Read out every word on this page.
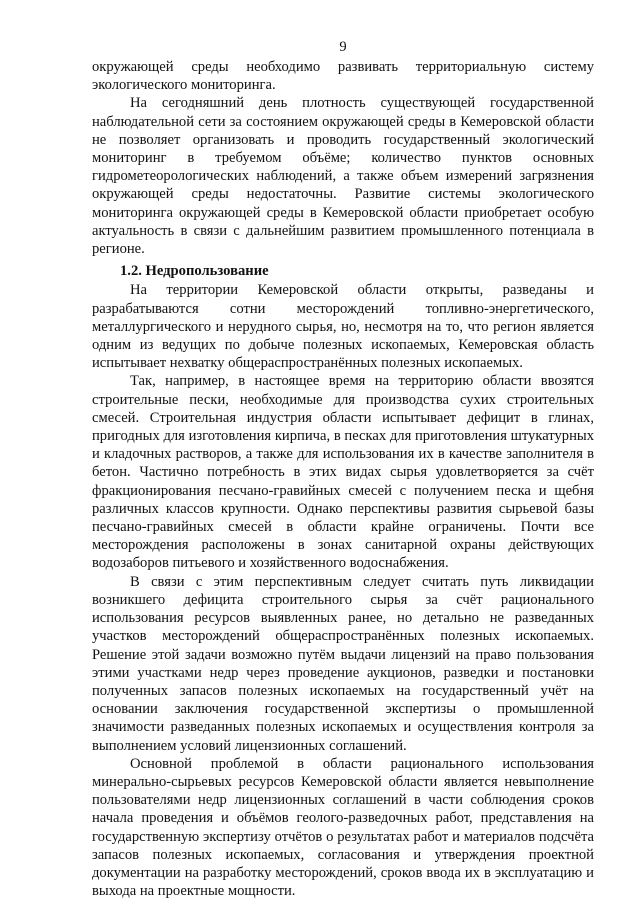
9

окружающей среды необходимо развивать территориальную систему экологического мониторинга.

На сегодняшний день плотность существующей государственной наблюдательной сети за состоянием окружающей среды в Кемеровской области не позволяет организовать и проводить государственный экологический мониторинг в требуемом объёме; количество пунктов основных гидрометеорологических наблюдений, а также объем измерений загрязнения окружающей среды недостаточны. Развитие системы экологического мониторинга окружающей среды в Кемеровской области приобретает особую актуальность в связи с дальнейшим развитием промышленного потенциала в регионе.

1.2. Недропользование

На территории Кемеровской области открыты, разведаны и разрабатываются сотни месторождений топливно-энергетического, металлургического и нерудного сырья, но, несмотря на то, что регион является одним из ведущих по добыче полезных ископаемых, Кемеровская область испытывает нехватку общераспространённых полезных ископаемых.

Так, например, в настоящее время на территорию области ввозятся строительные пески, необходимые для производства сухих строительных смесей. Строительная индустрия области испытывает дефицит в глинах, пригодных для изготовления кирпича, в песках для приготовления штукатурных и кладочных растворов, а также для использования их в качестве заполнителя в бетон. Частично потребность в этих видах сырья удовлетворяется за счёт фракционирования песчано-гравийных смесей с получением песка и щебня различных классов крупности. Однако перспективы развития сырьевой базы песчано-гравийных смесей в области крайне ограничены. Почти все месторождения расположены в зонах санитарной охраны действующих водозаборов питьевого и хозяйственного водоснабжения.

В связи с этим перспективным следует считать путь ликвидации возникшего дефицита строительного сырья за счёт рационального использования ресурсов выявленных ранее, но детально не разведанных участков месторождений общераспространённых полезных ископаемых. Решение этой задачи возможно путём выдачи лицензий на право пользования этими участками недр через проведение аукционов, разведки и постановки полученных запасов полезных ископаемых на государственный учёт на основании заключения государственной экспертизы о промышленной значимости разведанных полезных ископаемых и осуществления контроля за выполнением условий лицензионных соглашений.

Основной проблемой в области рационального использования минерально-сырьевых ресурсов Кемеровской области является невыполнение пользователями недр лицензионных соглашений в части соблюдения сроков начала проведения и объёмов геолого-разведочных работ, представления на государственную экспертизу отчётов о результатах работ и материалов подсчёта запасов полезных ископаемых, согласования и утверждения проектной документации на разработку месторождений, сроков ввода их в эксплуатацию и выхода на проектные мощности.
